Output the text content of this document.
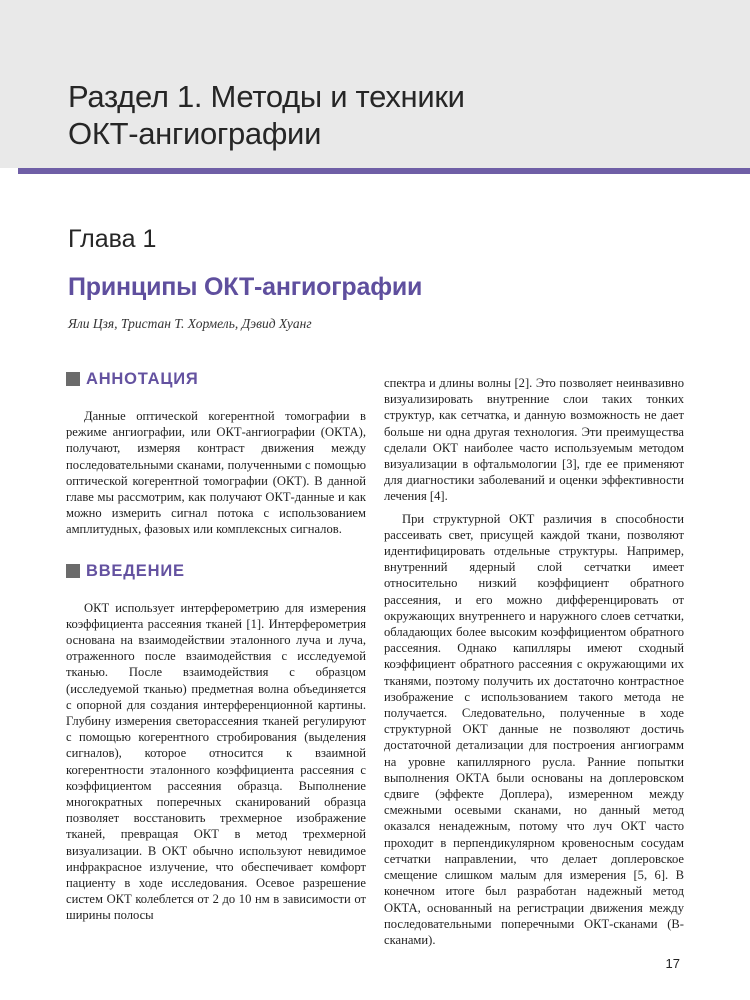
Раздел 1. Методы и техники
ОКТ-ангиографии
Глава 1
Принципы ОКТ-ангиографии

Яли Цзя, Тристан Т. Хормель, Дэвид Хуанг

АННОТАЦИЯ

Данные оптической когерентной томографии в режиме ангиографии, или ОКТ-ангиографии (ОКТА), получают, измеряя контраст движения между последовательными сканами, полученными с помощью оптической когерентной томографии (ОКТ). В данной главе мы рассмотрим, как получают ОКТ-данные и как можно измерить сигнал потока с использованием амплитудных, фазовых или комплексных сигналов.

ВВЕДЕНИЕ

ОКТ использует интерферометрию для измерения коэффициента рассеяния тканей [1]. Интерферометрия основана на взаимодействии эталонного луча и луча, отраженного после взаимодействия с исследуемой тканью. После взаимодействия с образцом (исследуемой тканью) предметная волна объединяется с опорной для создания интерференционной картины. Глубину измерения светорассеяния тканей регулируют с помощью когерентного стробирования (выделения сигналов), которое относится к взаимной когерентности эталонного коэффициента рассеяния с коэффициентом рассеяния образца. Выполнение многократных поперечных сканирований образца позволяет восстановить трехмерное изображение тканей, превращая ОКТ в метод трехмерной визуализации. В ОКТ обычно используют невидимое инфракрасное излучение, что обеспечивает комфорт пациенту в ходе исследования. Осевое разрешение систем ОКТ колеблется от 2 до 10 нм в зависимости от ширины полосы

спектра и длины волны [2]. Это позволяет неинвазивно визуализировать внутренние слои таких тонких структур, как сетчатка, и данную возможность не дает больше ни одна другая технология. Эти преимущества сделали ОКТ наиболее часто используемым методом визуализации в офтальмологии [3], где ее применяют для диагностики заболеваний и оценки эффективности лечения [4].

При структурной ОКТ различия в способности рассеивать свет, присущей каждой ткани, позволяют идентифицировать отдельные структуры. Например, внутренний ядерный слой сетчатки имеет относительно низкий коэффициент обратного рассеяния, и его можно дифференцировать от окружающих внутреннего и наружного слоев сетчатки, обладающих более высоким коэффициентом обратного рассеяния. Однако капилляры имеют сходный коэффициент обратного рассеяния с окружающими их тканями, поэтому получить их достаточно контрастное изображение с использованием такого метода не получается. Следовательно, полученные в ходе структурной ОКТ данные не позволяют достичь достаточной детализации для построения ангиограмм на уровне капиллярного русла. Ранние попытки выполнения ОКТА были основаны на доплеровском сдвиге (эффекте Доплера), измеренном между смежными осевыми сканами, но данный метод оказался ненадежным, потому что луч ОКТ часто проходит в перпендикулярном кровеносным сосудам сетчатки направлении, что делает доплеровское смещение слишком малым для измерения [5, 6]. В конечном итоге был разработан надежный метод ОКТА, основанный на регистрации движения между последовательными поперечными ОКТ-сканами (B-сканами).

17
